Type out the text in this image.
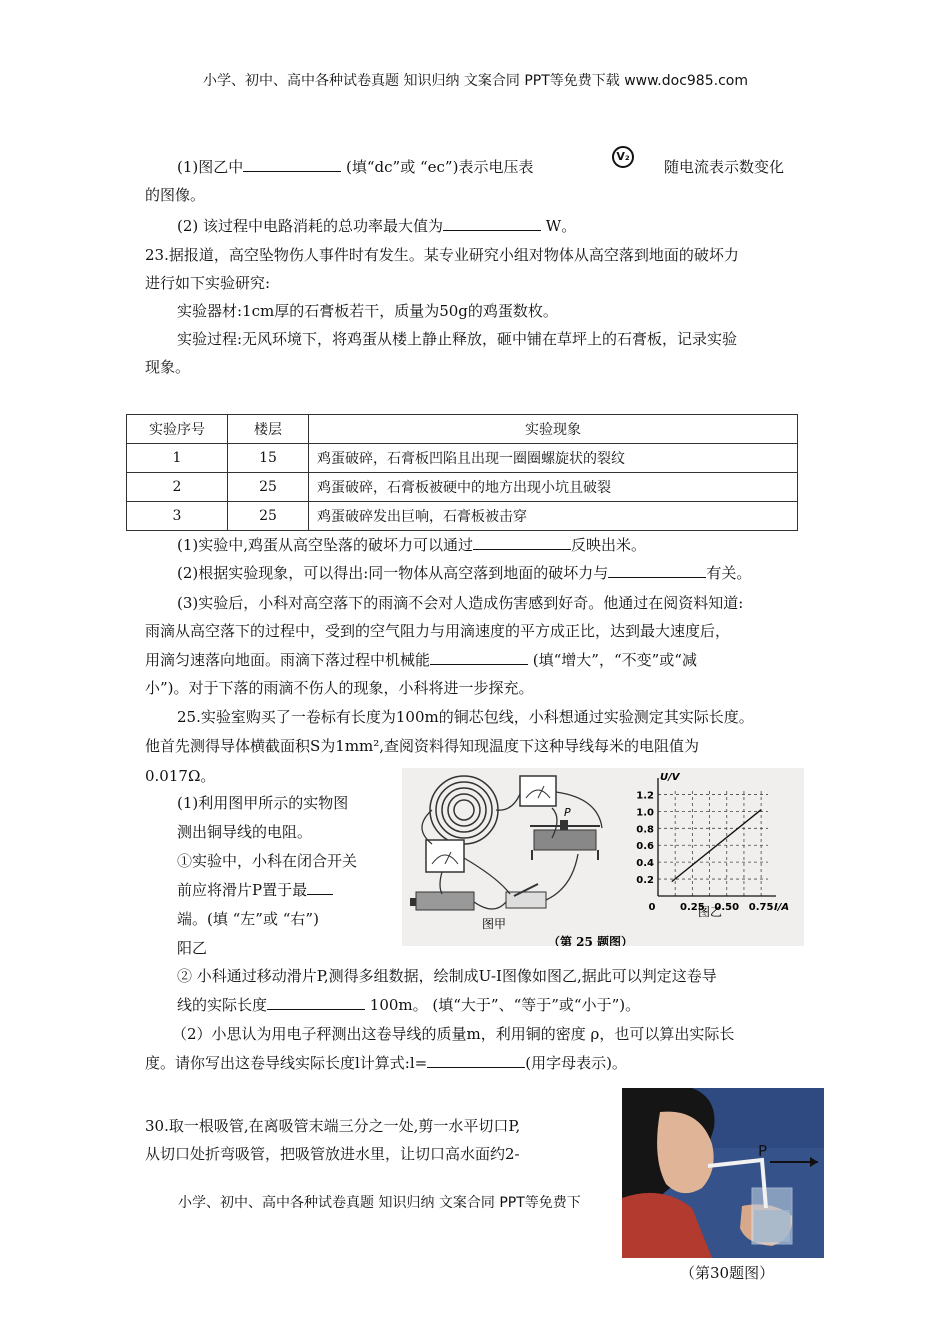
小学、初中、高中各种试卷真题 知识归纳 文案合同 PPT等免费下载 www.doc985.com
(1)图乙中	(填“dc”或 “ec”)表示电压表
V₂
随电流表示数变化
的图像。
(2) 该过程中电路消耗的总功率最大值为	W。
23.据报道，高空坠物伤人事件时有发生。某专业研究小组对物体从高空落到地面的破坏力
进行如下实验研究:
实验器材:1cm厚的石膏板若干，质量为50g的鸡蛋数枚。
实验过程:无风环境下，将鸡蛋从楼上静止释放，砸中铺在草坪上的石膏板，记录实验
现象。
实验序号	楼层	实验现象
1	15	鸡蛋破碎，石膏板凹陷且出现一圈圈螺旋状的裂纹
2	25	鸡蛋破碎，石膏板被硬中的地方出现小坑且破裂
3	25	鸡蛋破碎发出巨响，石膏板被击穿
(1)实验中,鸡蛋从高空坠落的破坏力可以通过	反映出米。
(2)根据实验现象，可以得出:同一物体从高空落到地面的破坏力与	有关。
(3)实验后，小科对高空落下的雨滴不会对人造成伤害感到好奇。他通过在阅资料知道:
雨滴从高空落下的过程中，受到的空气阻力与用滴速度的平方成正比，达到最大速度后，
用滴匀速落向地面。雨滴下落过程中机械能	(填“增大”，“不变”或“减
小”)。对于下落的雨滴不伤人的现象，小科将进一步探充。
25.实验室购买了一卷标有长度为100m的铜芯包线，小科想通过实验测定其实际长度。
他首先测得导体横截面积S为1mm²,查阅资料得知现温度下这种导线每米的电阻值为
0.017Ω。
(1)利用图甲所示的实物图
测出铜导线的电阻。
①实验中，小科在闭合开关
前应将滑片P置于最
端。(填 “左”或 “右”)
阳乙
P
图甲
（第 25 题图）
0.2
0.4
0.6
0.8
1.0
1.2
0 0.25 0.50 0.75
U/V
I/A
图乙
② 小科通过移动滑片P,测得多组数据，绘制成U-I图像如图乙,据此可以判定这卷导
线的实际长度	100m。 (填“大于”、“等于”或“小于”)。
（2）小思认为用电子秤测出这卷导线的质量m，利用铜的密度 ρ，也可以算出实际长
度。请你写出这卷导线实际长度l计算式:l=	(用字母表示)。
30.取一根吸管,在离吸管末端三分之一处,剪一水平切口P,
从切口处折弯吸管，把吸管放进水里，让切口高水面约2-
小学、初中、高中各种试卷真题 知识归纳 文案合同 PPT等免费下
P
（第30题图）
